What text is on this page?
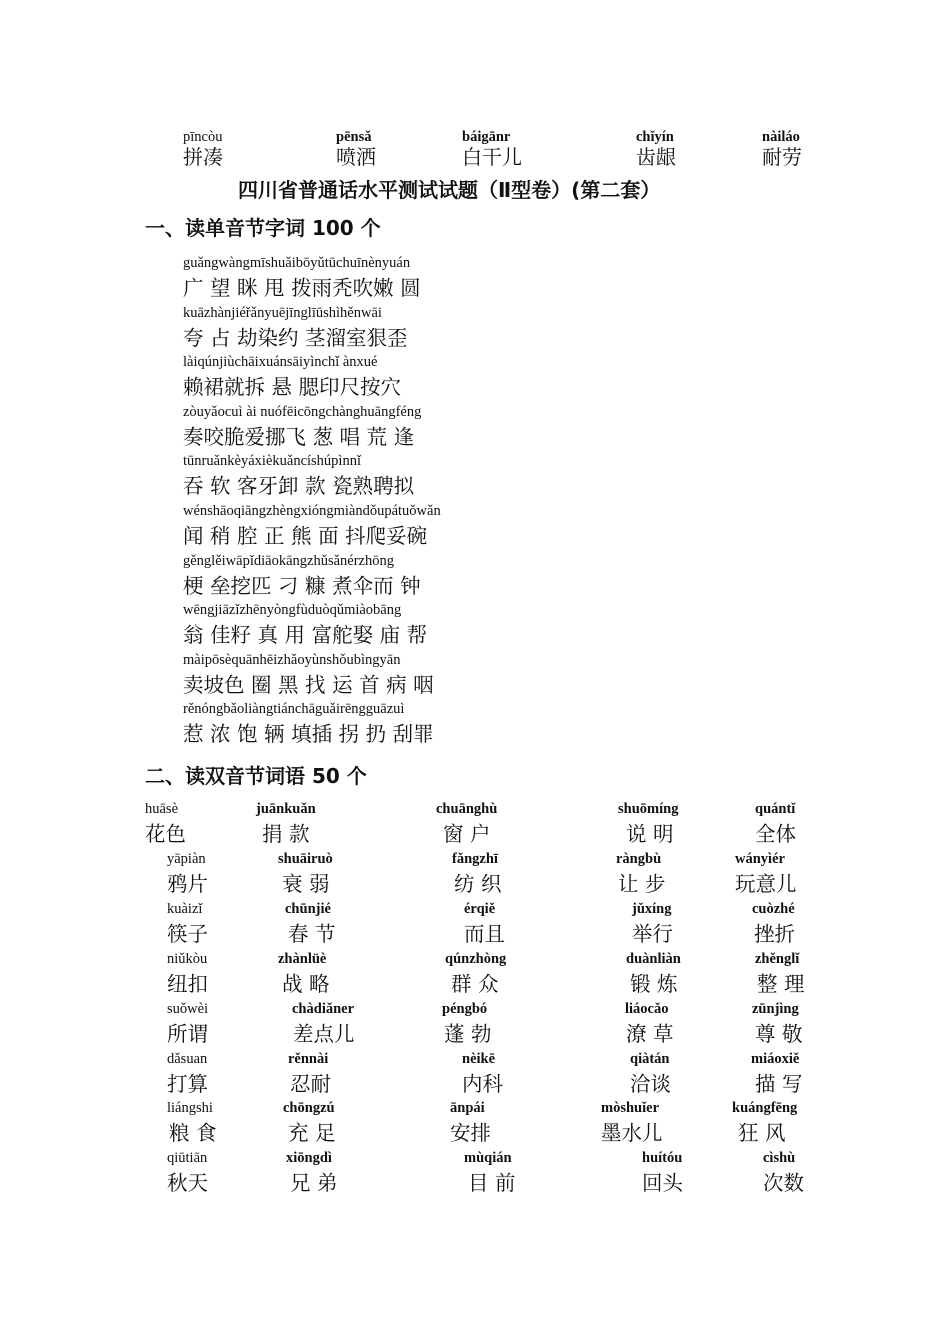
pīncòu
拼凑
pēnsǎ
喷洒
báigānr
白干儿
chǐyín
齿龈
nàiláo
耐劳
四川省普通话水平测试试题（Ⅱ型卷）(第二套）
一、读单音节字词 100 个
guǎngwàngmīshuǎibōyǔtūchuīnènyuán
广 望 眯 甩 拨雨秃吹嫩 圆
kuāzhànjiéřǎnyuējīnglīūshìhěnwāi
夸 占 劫染约 茎溜室狠歪
làiqúnjiùchāixuánsāiyìnchǐ ànxué
赖裙就拆 悬 腮印尺按穴
zòuyǎocuì ài nuófēicōngchànghuāngféng
奏咬脆爱挪飞 葱 唱 荒 逢
tūnruǎnkèyáxièkuǎncíshúpìnnǐ
吞 软 客牙卸 款 瓷熟聘拟
wénshāoqiāngzhèngxióngmiàndǒupátuǒwǎn
闻 稍 腔 正 熊 面 抖爬妥碗
gěnglěiwāpǐdiāokāngzhǔsǎnérzhōng
梗 垒挖匹 刁 糠 煮伞而 钟
wēngjiāzǐzhēnyòngfùduòqǔmiàobāng
翁 佳籽 真 用 富舵娶 庙 帮
màipōsèquānhēizhǎoyùnshǒubìngyān
卖坡色 圈 黑 找 运 首 病 咽
rěnóngbǎoliàngtiánchāguǎirēngguāzuì
惹 浓 饱 辆 填插 拐 扔 刮罪
二、读双音节词语 50 个
huāsè
花色
juānkuǎn
捐 款
chuānghù
窗 户
shuōmíng
说 明
quántǐ
全体
yāpiàn
鸦片
shuāiruò
衰 弱
fǎngzhī
纺 织
ràngbù
让 步
wányìér
玩意儿
kuàizǐ
筷子
chūnjié
春 节
érqiě
而且
jǔxíng
举行
cuòzhé
挫折
niǔkòu
纽扣
zhànlüè
战 略
qúnzhòng
群 众
duànliàn
锻 炼
zhěnglǐ
整 理
suǒwèi
所谓
chàdiǎner
差点儿
péngbó
蓬 勃
liáocǎo
潦 草
zūnjìng
尊 敬
dǎsuan
打算
rěnnài
忍耐
nèikē
内科
qiàtán
洽谈
miáoxiě
描 写
liángshi
粮 食
chōngzú
充 足
ānpái
安排
mòshuǐer
墨水儿
kuángfēng
狂 风
qiūtiān
秋天
xiōngdì
兄 弟
mùqián
目 前
huítóu
回头
cìshù
次数
